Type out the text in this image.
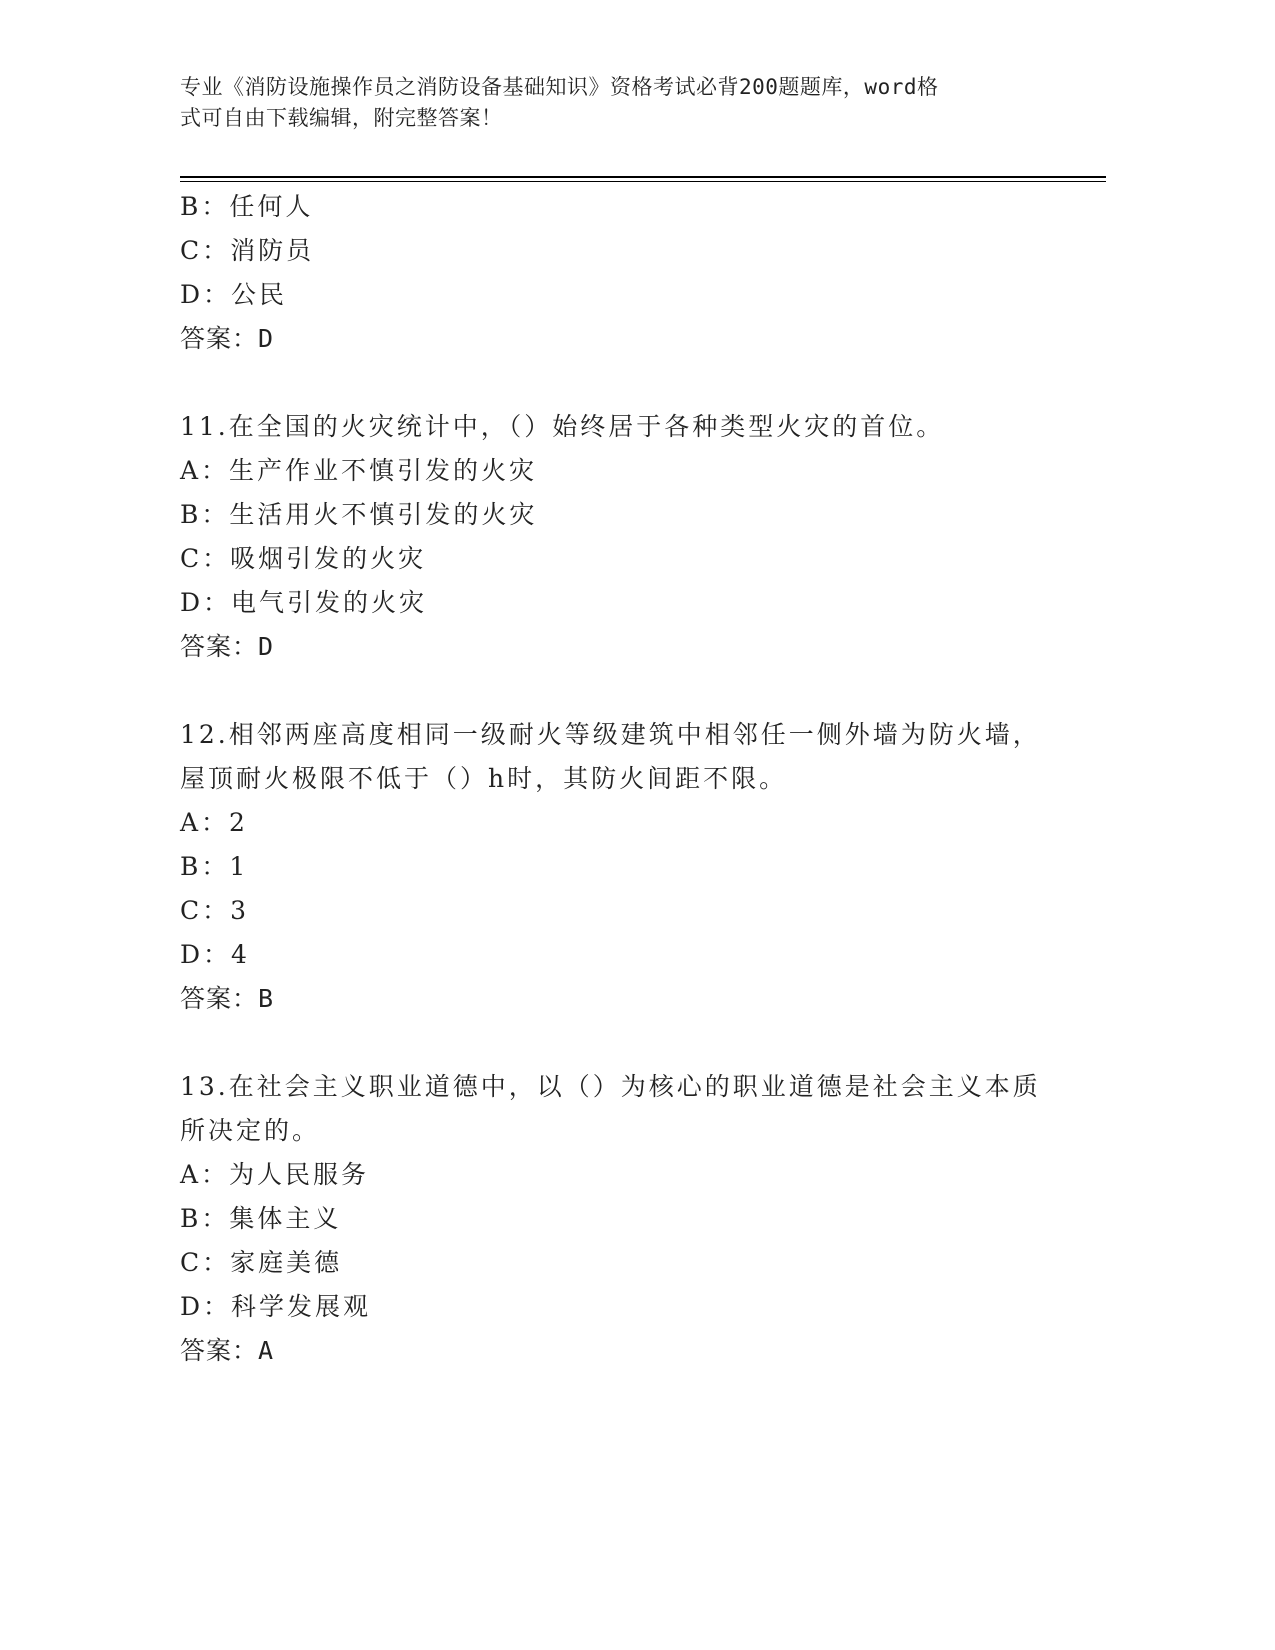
专业《消防设施操作员之消防设备基础知识》资格考试必背200题题库，word格
式可自由下载编辑，附完整答案！
B：任何人
C：消防员
D：公民
答案：D
11.在全国的火灾统计中，（）始终居于各种类型火灾的首位。
A：生产作业不慎引发的火灾
B：生活用火不慎引发的火灾
C：吸烟引发的火灾
D：电气引发的火灾
答案：D
12.相邻两座高度相同一级耐火等级建筑中相邻任一侧外墙为防火墙，
屋顶耐火极限不低于（）h时，其防火间距不限。
A：2
B：1
C：3
D：4
答案：B
13.在社会主义职业道德中，以（）为核心的职业道德是社会主义本质
所决定的。
A：为人民服务
B：集体主义
C：家庭美德
D：科学发展观
答案：A
